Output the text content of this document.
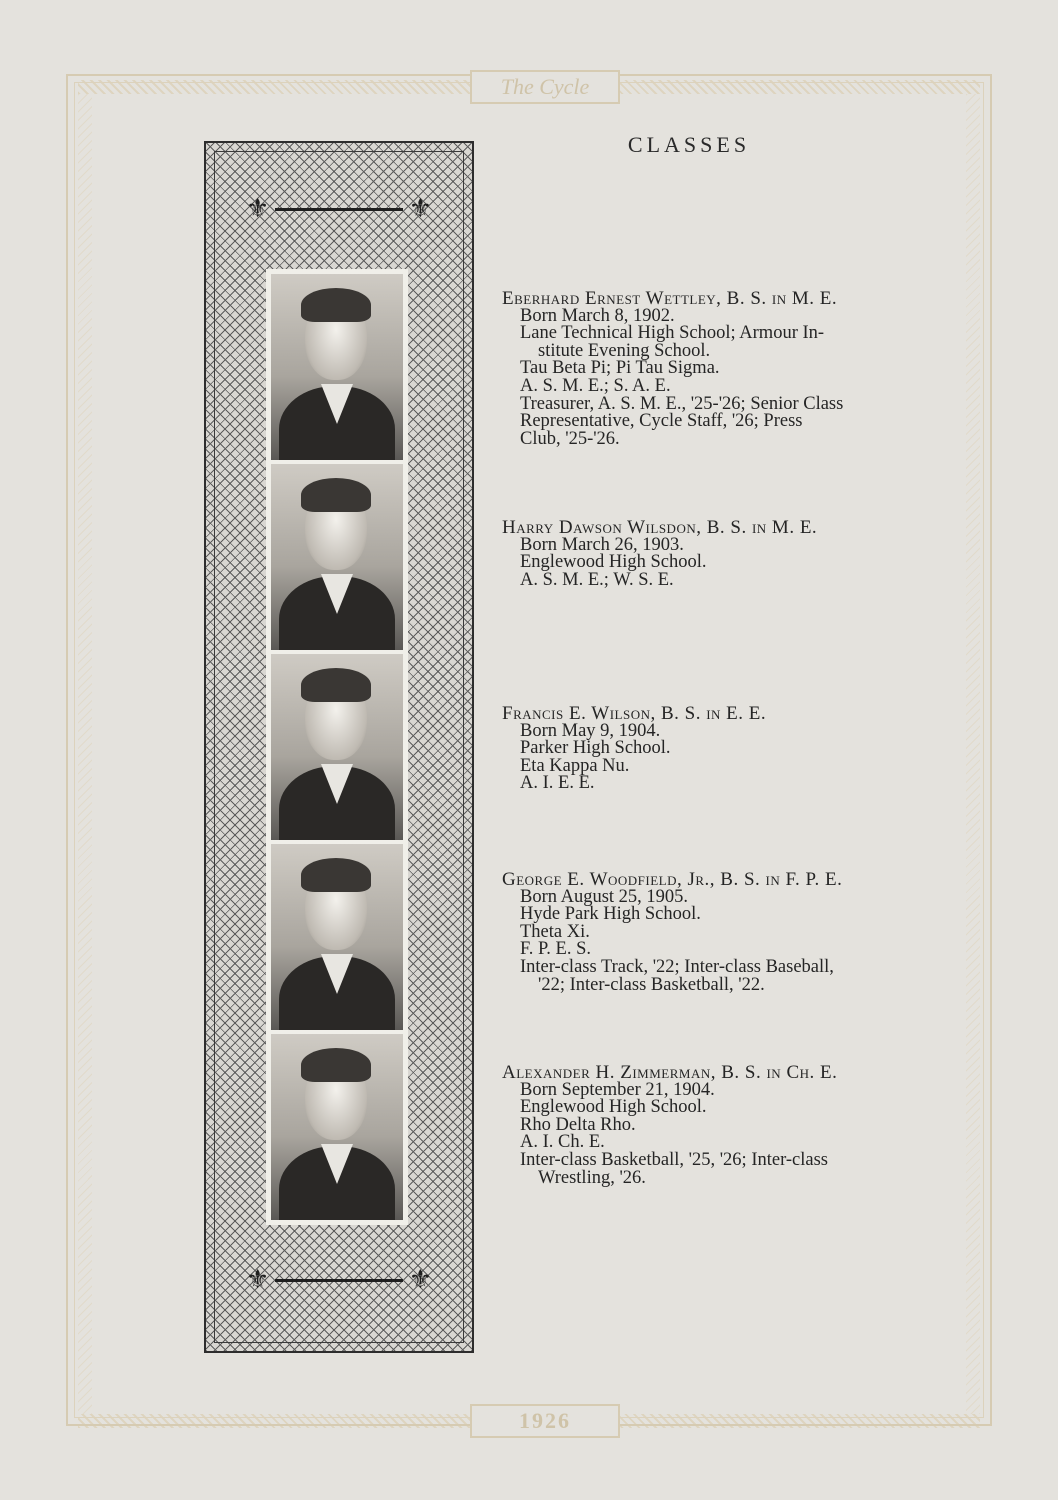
The Cycle
1926
⚜	⚜
⚜	⚜
CLASSES
Eberhard Ernest Wettley, B. S. in M. E.
Born March 8, 1902.
Lane Technical High School; Armour In-
stitute Evening School.
Tau Beta Pi; Pi Tau Sigma.
A. S. M. E.; S. A. E.
Treasurer, A. S. M. E., '25-'26; Senior Class
Representative, Cycle Staff, '26; Press
Club, '25-'26.
Harry Dawson Wilsdon, B. S. in M. E.
Born March 26, 1903.
Englewood High School.
A. S. M. E.; W. S. E.
Francis E. Wilson, B. S. in E. E.
Born May 9, 1904.
Parker High School.
Eta Kappa Nu.
A. I. E. E.
George E. Woodfield, Jr., B. S. in F. P. E.
Born August 25, 1905.
Hyde Park High School.
Theta Xi.
F. P. E. S.
Inter-class Track, '22; Inter-class Baseball,
'22; Inter-class Basketball, '22.
Alexander H. Zimmerman, B. S. in Ch. E.
Born September 21, 1904.
Englewood High School.
Rho Delta Rho.
A. I. Ch. E.
Inter-class Basketball, '25, '26; Inter-class
Wrestling, '26.
